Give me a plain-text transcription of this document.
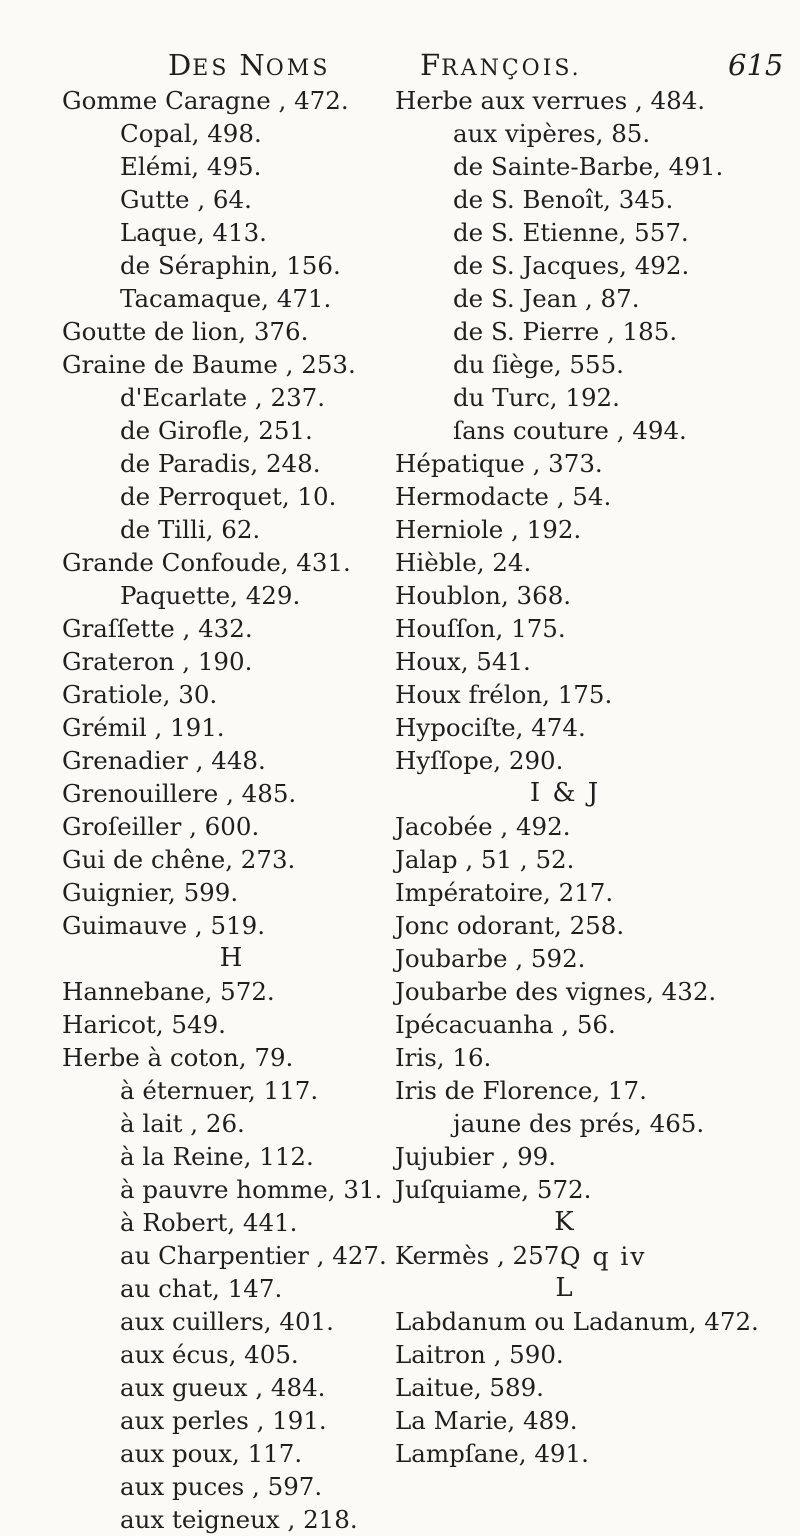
DES NOMS	FRANÇOIS.	615
Gomme Caragne , 472.
Copal, 498.
Elémi, 495.
Gutte , 64.
Laque, 413.
de Séraphin, 156.
Tacamaque, 471.
Goutte de lion, 376.
Graine de Baume , 253.
d'Ecarlate , 237.
de Girofle, 251.
de Paradis, 248.
de Perroquet, 10.
de Tilli, 62.
Grande Confoude, 431.
Paquette, 429.
Graſſette , 432.
Grateron , 190.
Gratiole, 30.
Grémil , 191.
Grenadier , 448.
Grenouillere , 485.
Groſeiller , 600.
Gui de chêne, 273.
Guignier, 599.
Guimauve , 519.
H
Hannebane, 572.
Haricot, 549.
Herbe à coton, 79.
à éternuer, 117.
à lait , 26.
à la Reine, 112.
à pauvre homme, 31.
à Robert, 441.
au Charpentier , 427.
au chat, 147.
aux cuillers, 401.
aux écus, 405.
aux gueux , 484.
aux perles , 191.
aux poux, 117.
aux puces , 597.
aux teigneux , 218.
Herbe aux verrues , 484.
aux vipères, 85.
de Sainte-Barbe, 491.
de S. Benoît, 345.
de S. Etienne, 557.
de S. Jacques, 492.
de S. Jean , 87.
de S. Pierre , 185.
du ſiège, 555.
du Turc, 192.
ſans couture , 494.
Hépatique , 373.
Hermodacte , 54.
Herniole , 192.
Hièble, 24.
Houblon, 368.
Houſſon, 175.
Houx, 541.
Houx frélon, 175.
Hypociſte, 474.
Hyſſope, 290.
I & J
Jacobée , 492.
Jalap , 51 , 52.
Impératoire, 217.
Jonc odorant, 258.
Joubarbe , 592.
Joubarbe des vignes, 432.
Ipécacuanha , 56.
Iris, 16.
Iris de Florence, 17.
jaune des prés, 465.
Jujubier , 99.
Juſquiame, 572.
K
Kermès , 257.
L
Labdanum ou Ladanum, 472.
Laitron , 590.
Laitue, 589.
La Marie, 489.
Lampſane, 491.
Q q iv
